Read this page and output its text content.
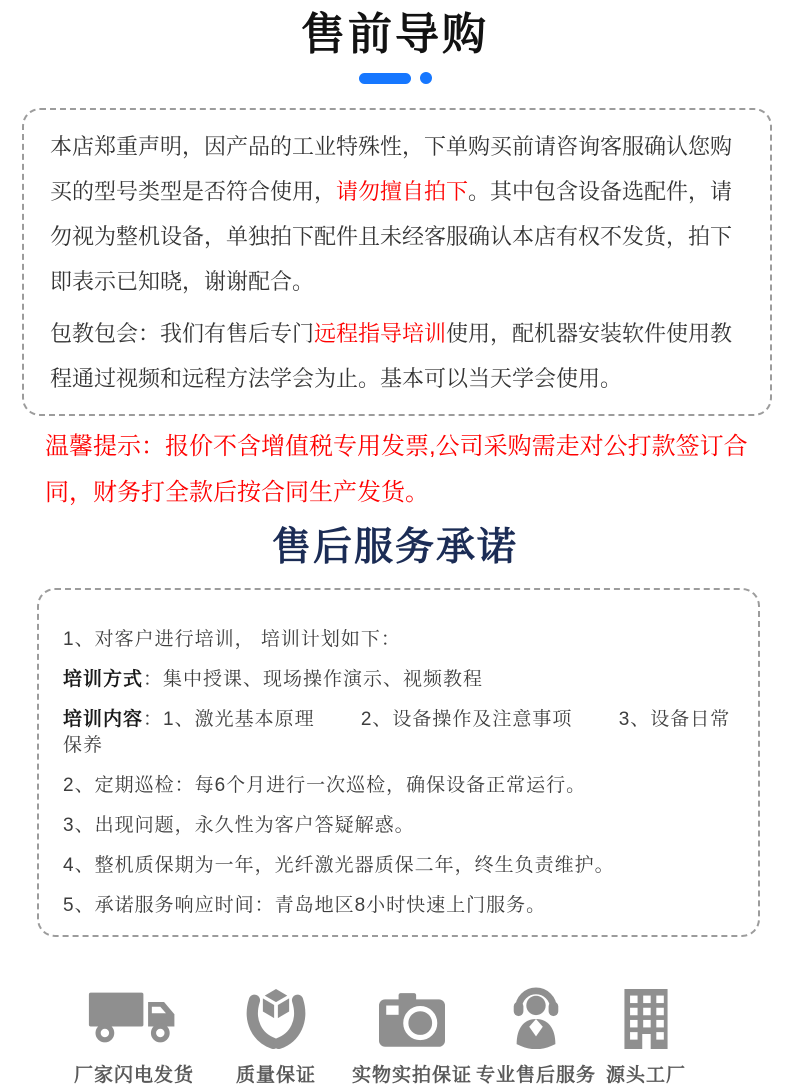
售前导购

本店郑重声明，因产品的工业特殊性，下单购买前请咨询客服确认您购买的型号类型是否符合使用，请勿擅自拍下。其中包含设备选配件，请勿视为整机设备，单独拍下配件且未经客服确认本店有权不发货，拍下即表示已知晓，谢谢配合。

包教包会：我们有售后专门远程指导培训使用，配机器安装软件使用教程通过视频和远程方法学会为止。基本可以当天学会使用。

温馨提示：报价不含增值税专用发票,公司采购需走对公打款签订合同，财务打全款后按合同生产发货。
售后服务承诺
1、对客户进行培训， 培训计划如下：
培训方式：集中授课、现场操作演示、视频教程
培训内容：1、激光基本原理　　 2、设备操作及注意事项　　 3、设备日常保养
2、定期巡检：每6个月进行一次巡检，确保设备正常运行。
3、出现问题，永久性为客户答疑解惑。
4、整机质保期为一年，光纤激光器质保二年，终生负责维护。
5、承诺服务响应时间：青岛地区8小时快速上门服务。
厂家闪电发货	质量保证	实物实拍保证 专业售后服务 源头工厂
